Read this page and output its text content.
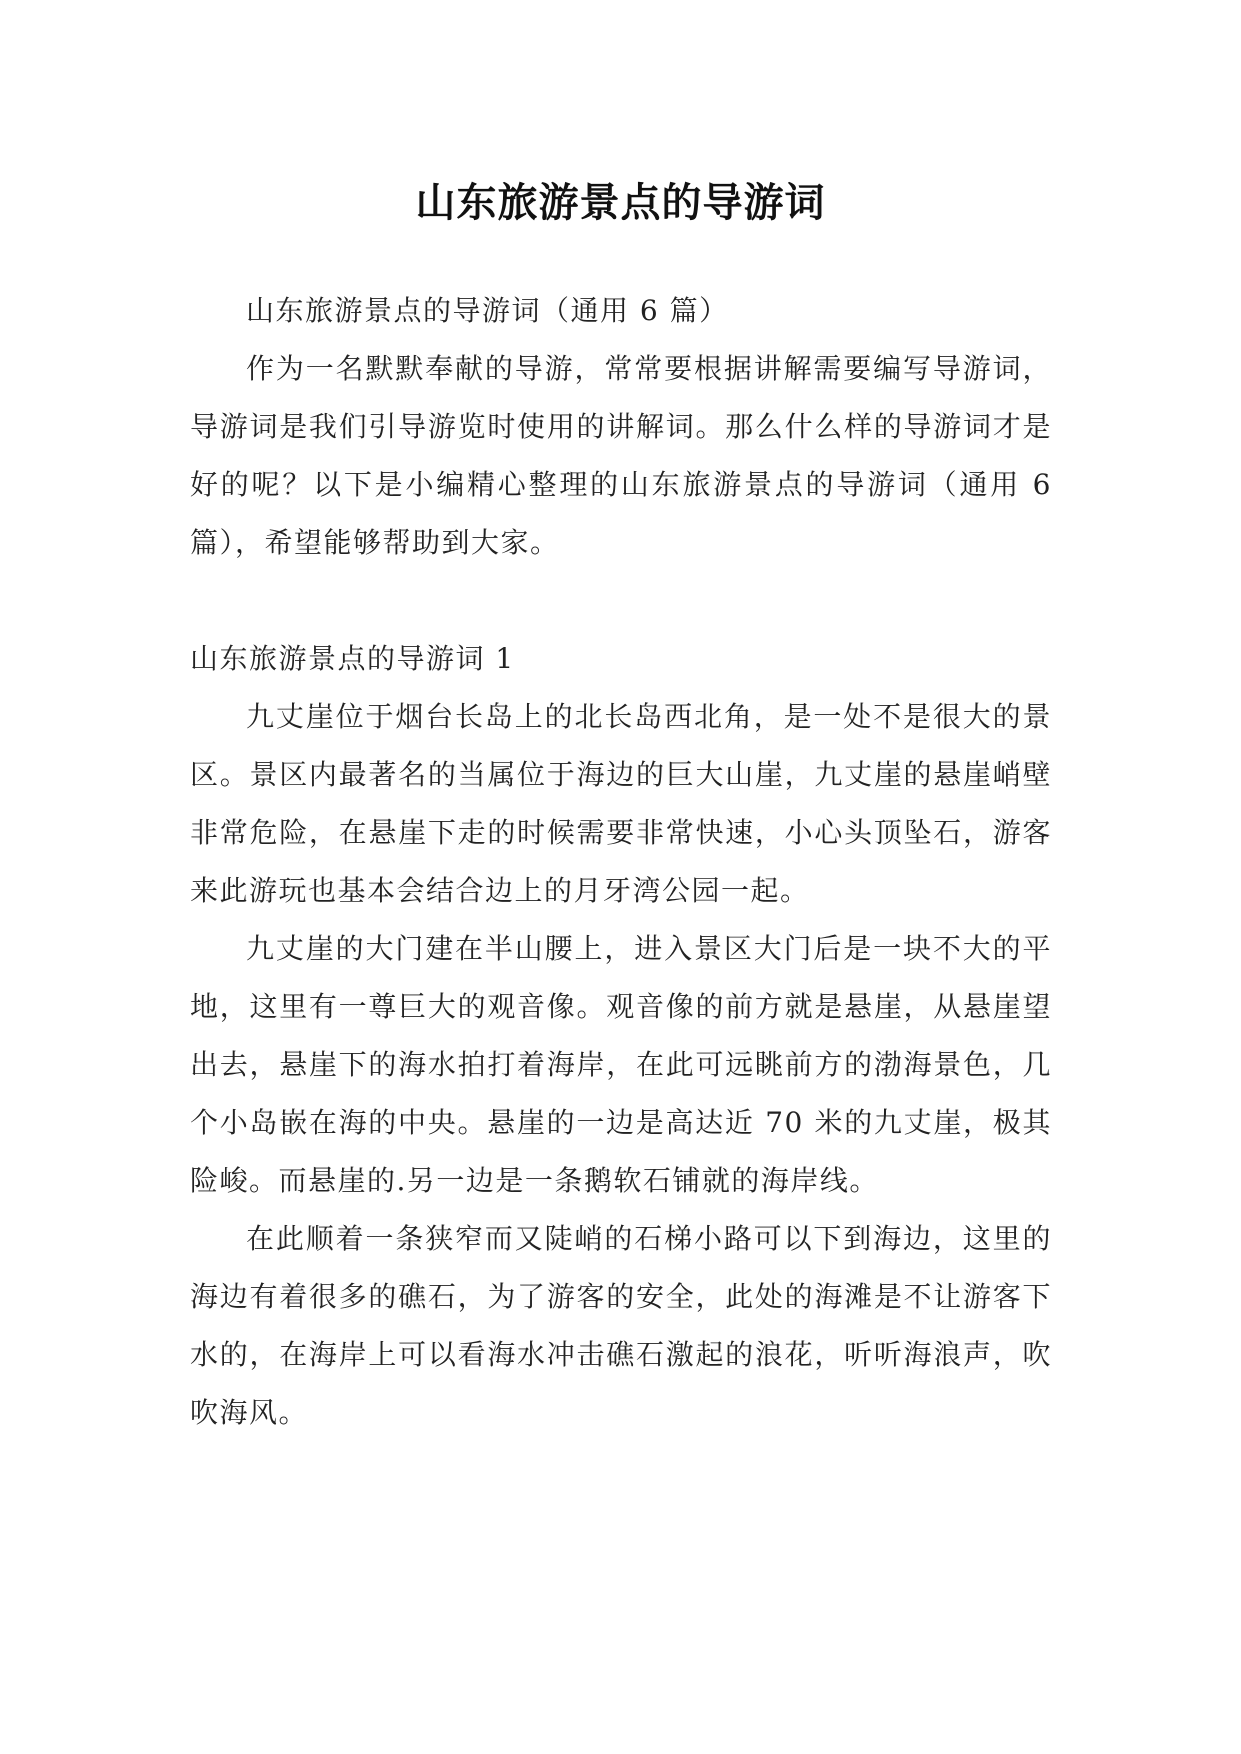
山东旅游景点的导游词

山东旅游景点的导游词（通用 6 篇）

作为一名默默奉献的导游，常常要根据讲解需要编写导游词，导游词是我们引导游览时使用的讲解词。那么什么样的导游词才是好的呢？以下是小编精心整理的山东旅游景点的导游词（通用 6 篇），希望能够帮助到大家。

山东旅游景点的导游词 1

九丈崖位于烟台长岛上的北长岛西北角，是一处不是很大的景区。景区内最著名的当属位于海边的巨大山崖，九丈崖的悬崖峭壁非常危险，在悬崖下走的时候需要非常快速，小心头顶坠石，游客来此游玩也基本会结合边上的月牙湾公园一起。

九丈崖的大门建在半山腰上，进入景区大门后是一块不大的平地，这里有一尊巨大的观音像。观音像的前方就是悬崖，从悬崖望出去，悬崖下的海水拍打着海岸，在此可远眺前方的渤海景色，几个小岛嵌在海的中央。悬崖的一边是高达近 70 米的九丈崖，极其险峻。而悬崖的.另一边是一条鹅软石铺就的海岸线。

在此顺着一条狭窄而又陡峭的石梯小路可以下到海边，这里的海边有着很多的礁石，为了游客的安全，此处的海滩是不让游客下水的，在海岸上可以看海水冲击礁石激起的浪花，听听海浪声，吹吹海风。
